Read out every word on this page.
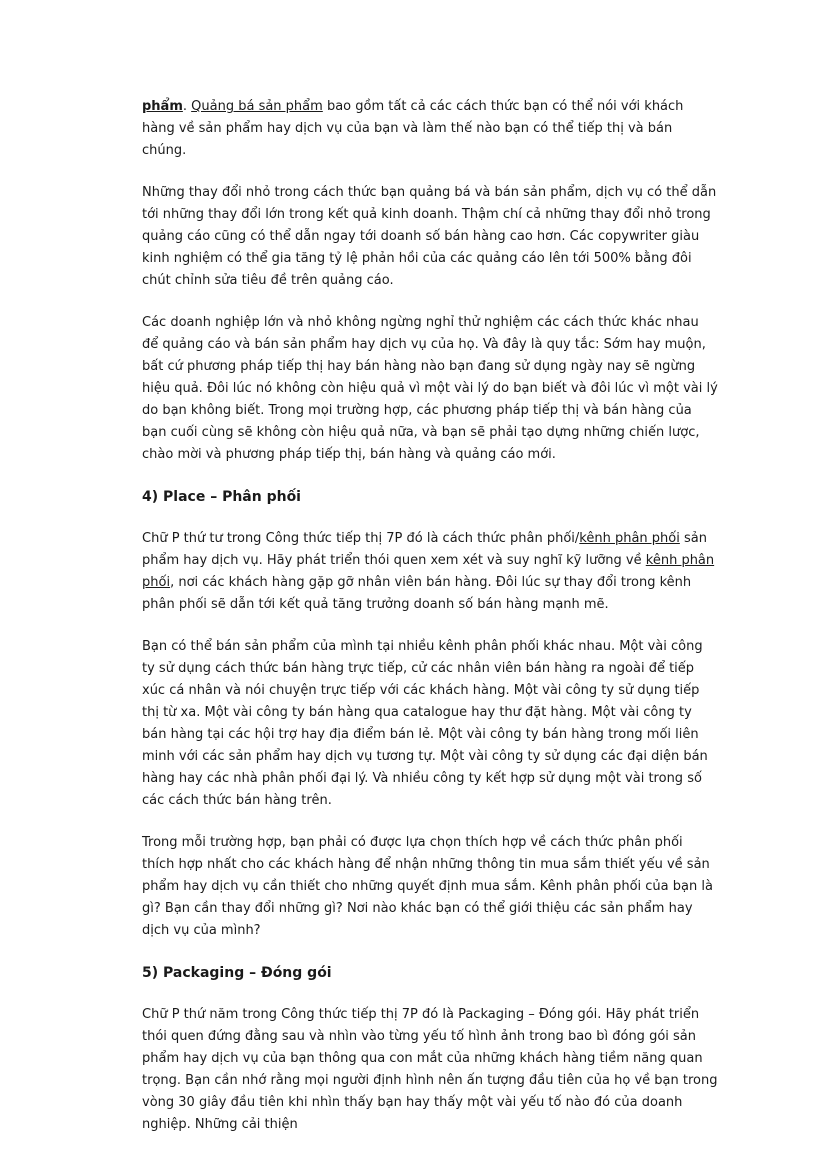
phẩm. Quảng bá sản phẩm bao gồm tất cả các cách thức bạn có thể nói với khách hàng về sản phẩm hay dịch vụ của bạn và làm thế nào bạn có thể tiếp thị và bán chúng.

Những thay đổi nhỏ trong cách thức bạn quảng bá và bán sản phẩm, dịch vụ có thể dẫn tới những thay đổi lớn trong kết quả kinh doanh. Thậm chí cả những thay đổi nhỏ trong quảng cáo cũng có thể dẫn ngay tới doanh số bán hàng cao hơn. Các copywriter giàu kinh nghiệm có thể gia tăng tỷ lệ phản hồi của các quảng cáo lên tới 500% bằng đôi chút chỉnh sửa tiêu đề trên quảng cáo.

Các doanh nghiệp lớn và nhỏ không ngừng nghỉ thử nghiệm các cách thức khác nhau để quảng cáo và bán sản phẩm hay dịch vụ của họ. Và đây là quy tắc: Sớm hay muộn, bất cứ phương pháp tiếp thị hay bán hàng nào bạn đang sử dụng ngày nay sẽ ngừng hiệu quả. Đôi lúc nó không còn hiệu quả vì một vài lý do bạn biết và đôi lúc vì một vài lý do bạn không biết. Trong mọi trường hợp, các phương pháp tiếp thị và bán hàng của bạn cuối cùng sẽ không còn hiệu quả nữa, và bạn sẽ phải tạo dựng những chiến lược, chào mời và phương pháp tiếp thị, bán hàng và quảng cáo mới.

4) Place – Phân phối

Chữ P thứ tư trong Công thức tiếp thị 7P đó là cách thức phân phối/kênh phân phối sản phẩm hay dịch vụ. Hãy phát triển thói quen xem xét và suy nghĩ kỹ lưỡng về kênh phân phối, nơi các khách hàng gặp gỡ nhân viên bán hàng. Đôi lúc sự thay đổi trong kênh phân phối sẽ dẫn tới kết quả tăng trưởng doanh số bán hàng mạnh mẽ.

Bạn có thể bán sản phẩm của mình tại nhiều kênh phân phối khác nhau. Một vài công ty sử dụng cách thức bán hàng trực tiếp, cử các nhân viên bán hàng ra ngoài để tiếp xúc cá nhân và nói chuyện trực tiếp với các khách hàng. Một vài công ty sử dụng tiếp thị từ xa. Một vài công ty bán hàng qua catalogue hay thư đặt hàng. Một vài công ty bán hàng tại các hội trợ hay địa điểm bán lẻ. Một vài công ty bán hàng trong mối liên minh với các sản phẩm hay dịch vụ tương tự. Một vài công ty sử dụng các đại diện bán hàng hay các nhà phân phối đại lý. Và nhiều công ty kết hợp sử dụng một vài trong số các cách thức bán hàng trên.

Trong mỗi trường hợp, bạn phải có được lựa chọn thích hợp về cách thức phân phối thích hợp nhất cho các khách hàng để nhận những thông tin mua sắm thiết yếu về sản phẩm hay dịch vụ cần thiết cho những quyết định mua sắm. Kênh phân phối của bạn là gì? Bạn cần thay đổi những gì? Nơi nào khác bạn có thể giới thiệu các sản phẩm hay dịch vụ của mình?

5) Packaging – Đóng gói

Chữ P thứ năm trong Công thức tiếp thị 7P đó là Packaging – Đóng gói. Hãy phát triển thói quen đứng đằng sau và nhìn vào từng yếu tố hình ảnh trong bao bì đóng gói sản phẩm hay dịch vụ của bạn thông qua con mắt của những khách hàng tiềm năng quan trọng. Bạn cần nhớ rằng mọi người định hình nên ấn tượng đầu tiên của họ về bạn trong vòng 30 giây đầu tiên khi nhìn thấy bạn hay thấy một vài yếu tố nào đó của doanh nghiệp. Những cải thiện
